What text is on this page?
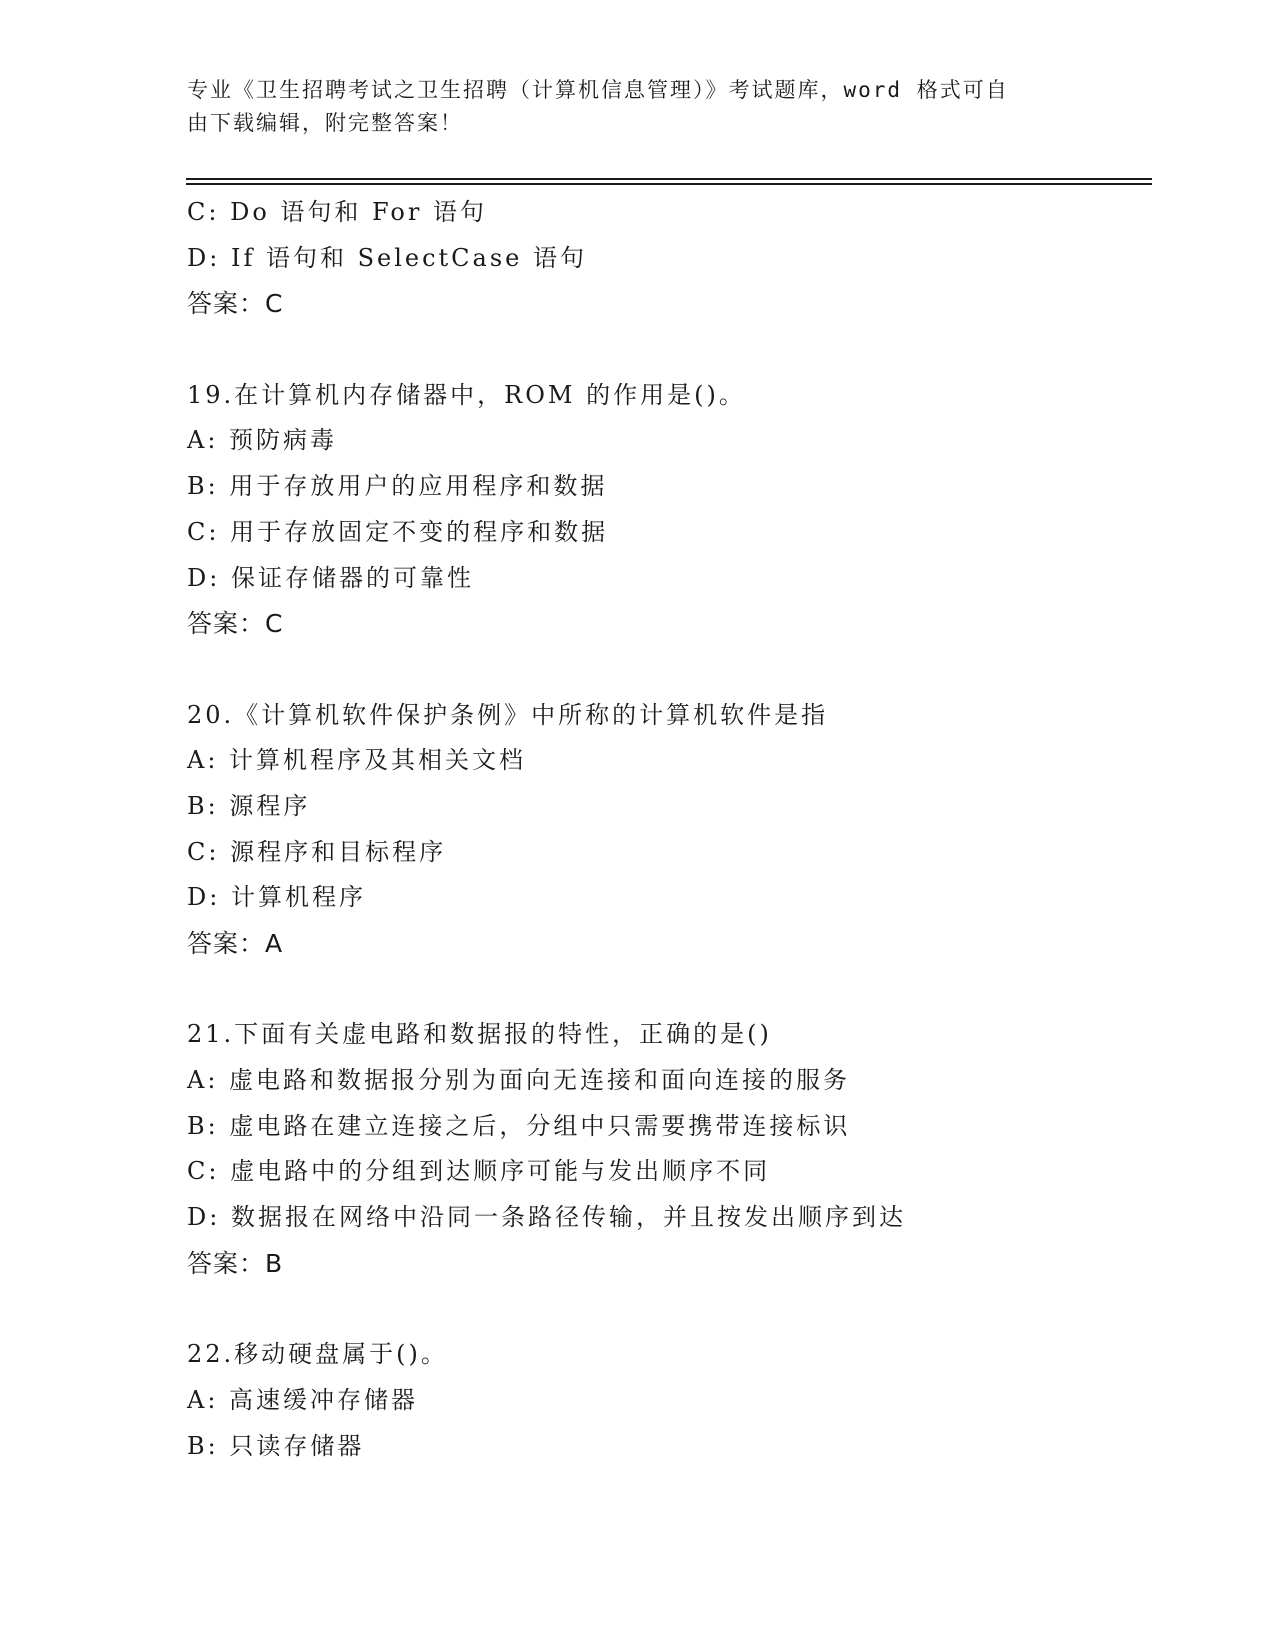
专业《卫生招聘考试之卫生招聘（计算机信息管理）》考试题库，word 格式可自
由下载编辑，附完整答案！
C: Do 语句和 For 语句
D: If 语句和 SelectCase 语句
答案：C
19.在计算机内存储器中，ROM 的作用是()。
A: 预防病毒
B: 用于存放用户的应用程序和数据
C: 用于存放固定不变的程序和数据
D: 保证存储器的可靠性
答案：C
20.《计算机软件保护条例》中所称的计算机软件是指
A: 计算机程序及其相关文档
B: 源程序
C: 源程序和目标程序
D: 计算机程序
答案：A
21.下面有关虚电路和数据报的特性，正确的是()
A: 虚电路和数据报分别为面向无连接和面向连接的服务
B: 虚电路在建立连接之后，分组中只需要携带连接标识
C: 虚电路中的分组到达顺序可能与发出顺序不同
D: 数据报在网络中沿同一条路径传输，并且按发出顺序到达
答案：B
22.移动硬盘属于()。
A: 高速缓冲存储器
B: 只读存储器
